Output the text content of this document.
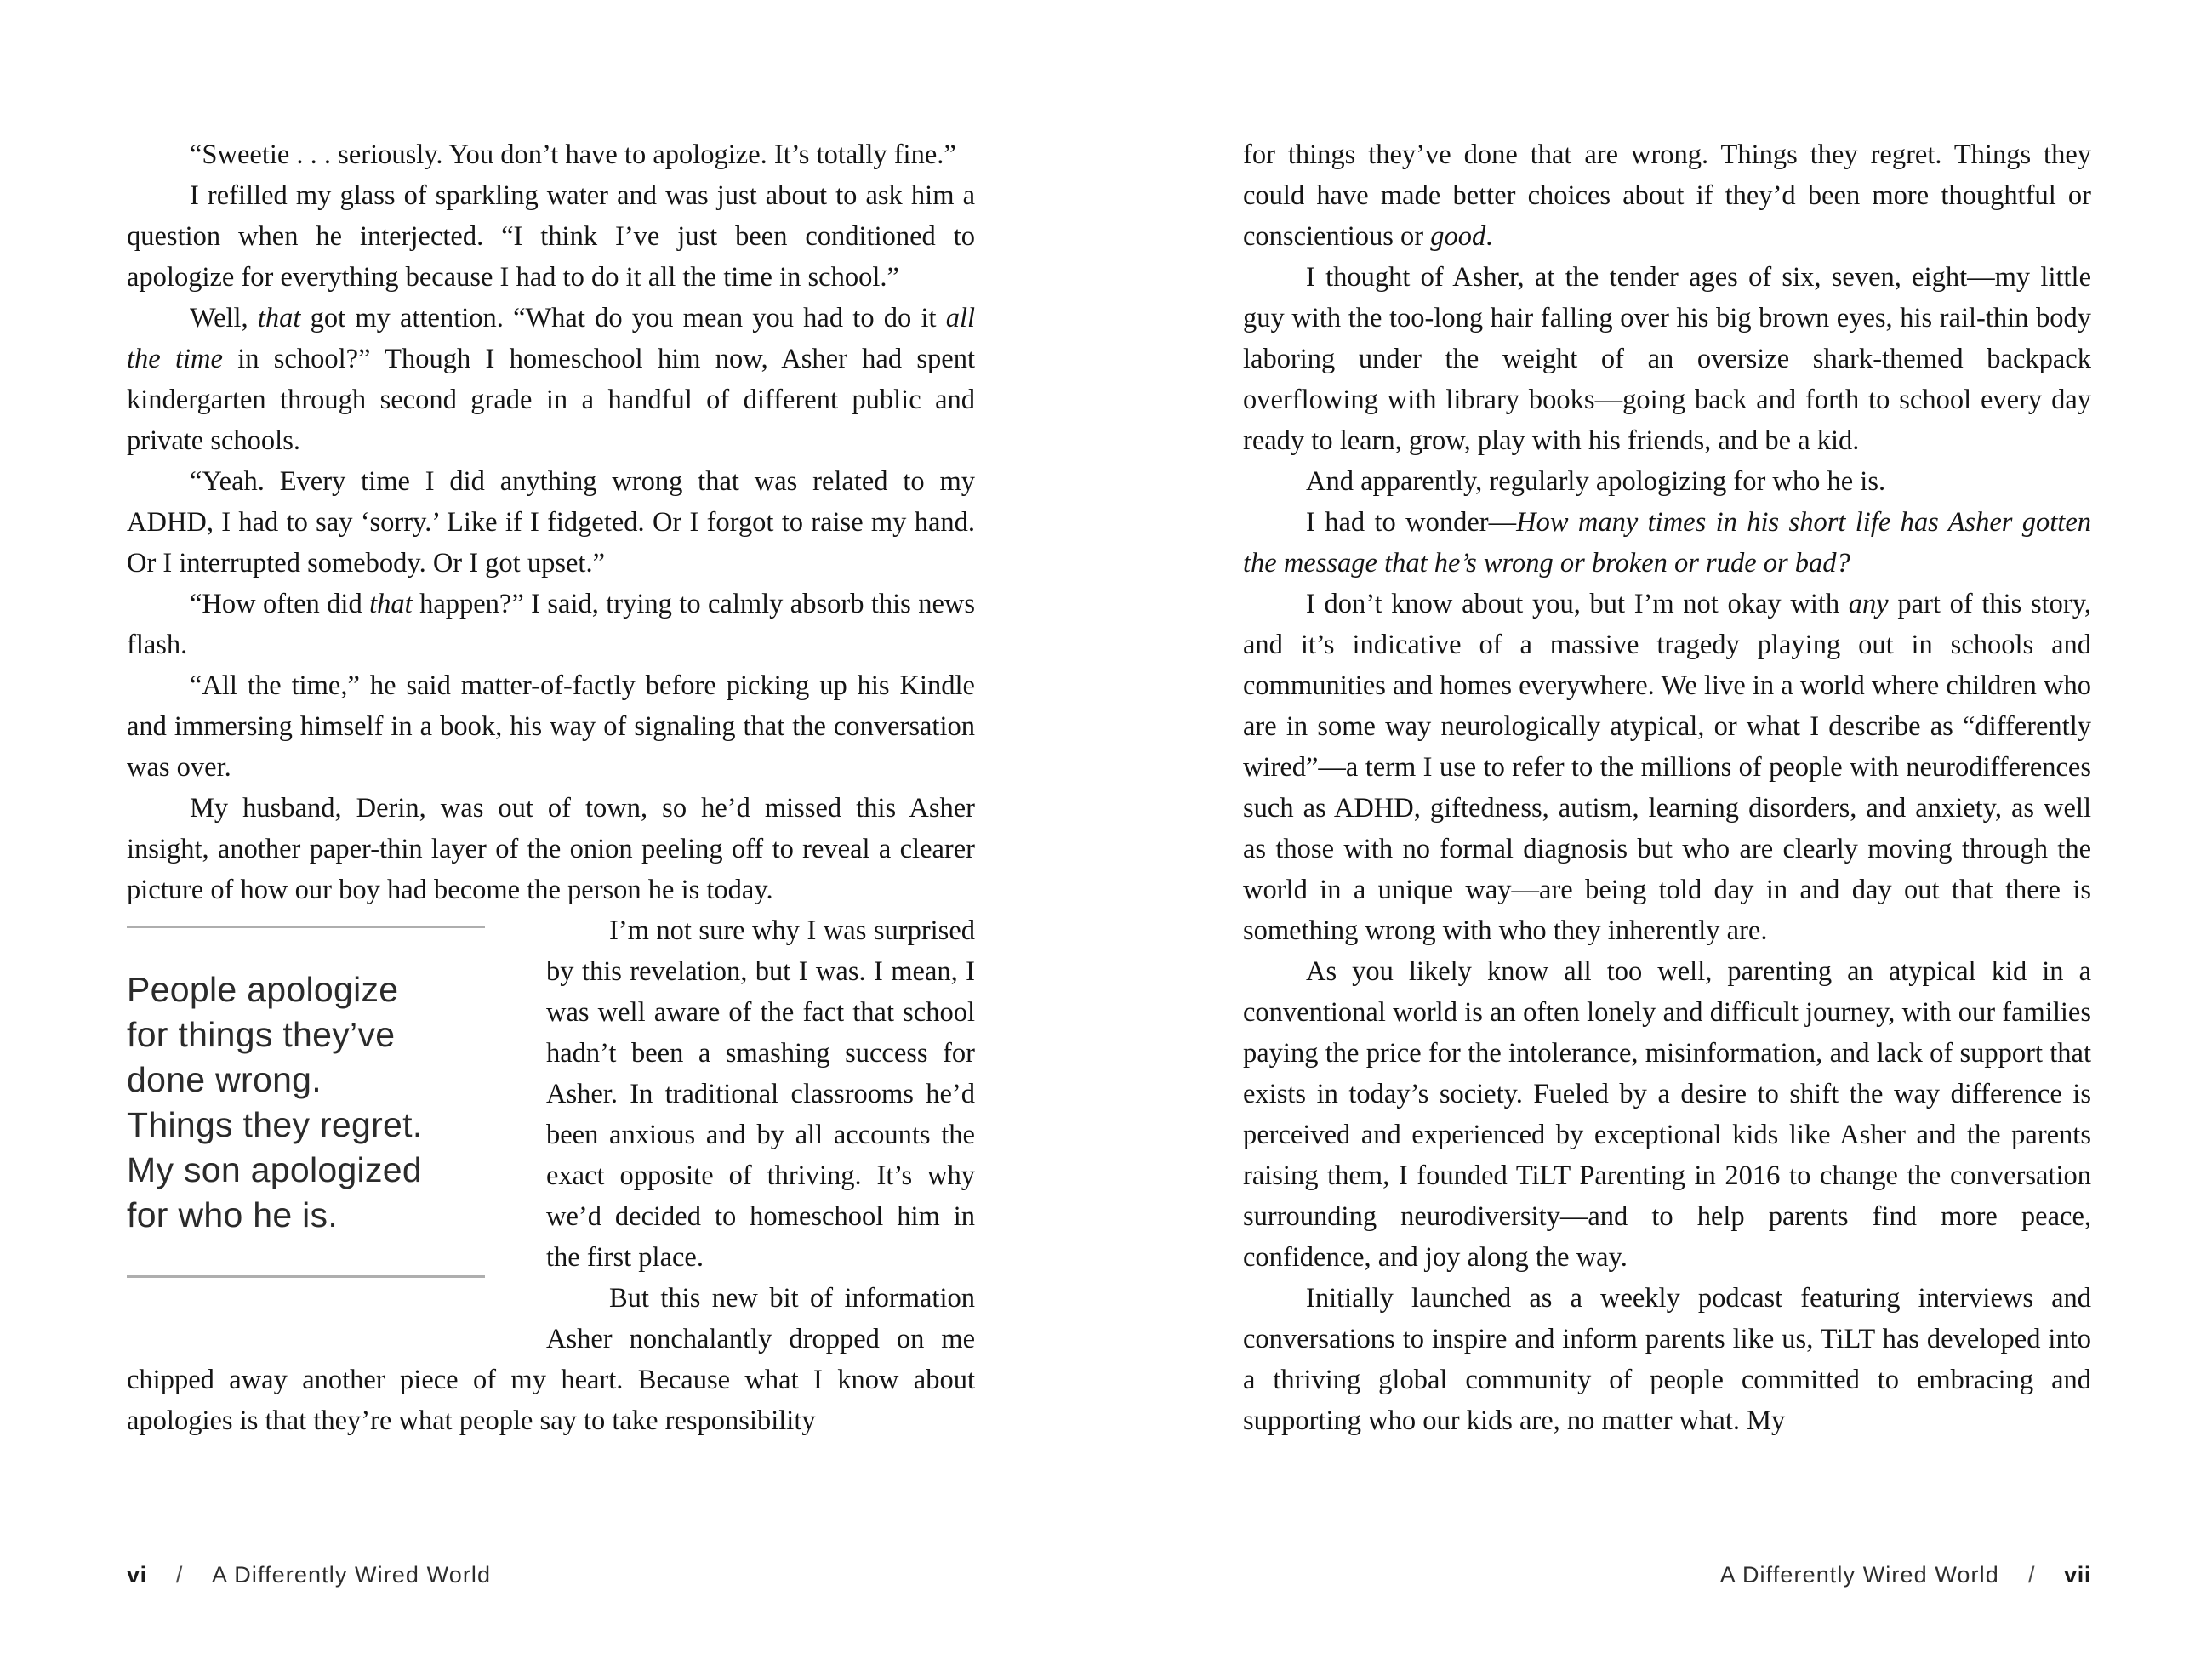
“Sweetie . . . seriously. You don’t have to apologize. It’s totally fine.”

I refilled my glass of sparkling water and was just about to ask him a question when he interjected. “I think I’ve just been conditioned to apologize for everything because I had to do it all the time in school.”

Well, that got my attention. “What do you mean you had to do it all the time in school?” Though I homeschool him now, Asher had spent kindergarten through second grade in a handful of different public and private schools.

“Yeah. Every time I did anything wrong that was related to my ADHD, I had to say ‘sorry.’ Like if I fidgeted. Or I forgot to raise my hand. Or I interrupted somebody. Or I got upset.”

“How often did that happen?” I said, trying to calmly absorb this news flash.

“All the time,” he said matter-of-factly before picking up his Kindle and immersing himself in a book, his way of signaling that the conversation was over.

My husband, Derin, was out of town, so he’d missed this Asher insight, another paper-thin layer of the onion peeling off to reveal a clearer picture of how our boy had become the person he is today.

People apologize for things they’ve done wrong. Things they regret. My son apologized for who he is.

I’m not sure why I was surprised by this revelation, but I was. I mean, I was well aware of the fact that school hadn’t been a smashing success for Asher. In traditional classrooms he’d been anxious and by all accounts the exact opposite of thriving. It’s why we’d decided to homeschool him in the first place.

But this new bit of information Asher nonchalantly dropped on me chipped away another piece of my heart. Because what I know about apologies is that they’re what people say to take responsibility

for things they’ve done that are wrong. Things they regret. Things they could have made better choices about if they’d been more thoughtful or conscientious or good.

I thought of Asher, at the tender ages of six, seven, eight—my little guy with the too-long hair falling over his big brown eyes, his rail-thin body laboring under the weight of an oversize shark-themed backpack overflowing with library books—going back and forth to school every day ready to learn, grow, play with his friends, and be a kid.

And apparently, regularly apologizing for who he is.

I had to wonder—How many times in his short life has Asher gotten the message that he’s wrong or broken or rude or bad?

I don’t know about you, but I’m not okay with any part of this story, and it’s indicative of a massive tragedy playing out in schools and communities and homes everywhere. We live in a world where children who are in some way neurologically atypical, or what I describe as “differently wired”—a term I use to refer to the millions of people with neurodifferences such as ADHD, giftedness, autism, learning disorders, and anxiety, as well as those with no formal diagnosis but who are clearly moving through the world in a unique way—are being told day in and day out that there is something wrong with who they inherently are.

As you likely know all too well, parenting an atypical kid in a conventional world is an often lonely and difficult journey, with our families paying the price for the intolerance, misinformation, and lack of support that exists in today’s society. Fueled by a desire to shift the way difference is perceived and experienced by exceptional kids like Asher and the parents raising them, I founded TiLT Parenting in 2016 to change the conversation surrounding neurodiversity—and to help parents find more peace, confidence, and joy along the way.

Initially launched as a weekly podcast featuring interviews and conversations to inspire and inform parents like us, TiLT has developed into a thriving global community of people committed to embracing and supporting who our kids are, no matter what. My

vi / A Differently Wired World	A Differently Wired World / vii
